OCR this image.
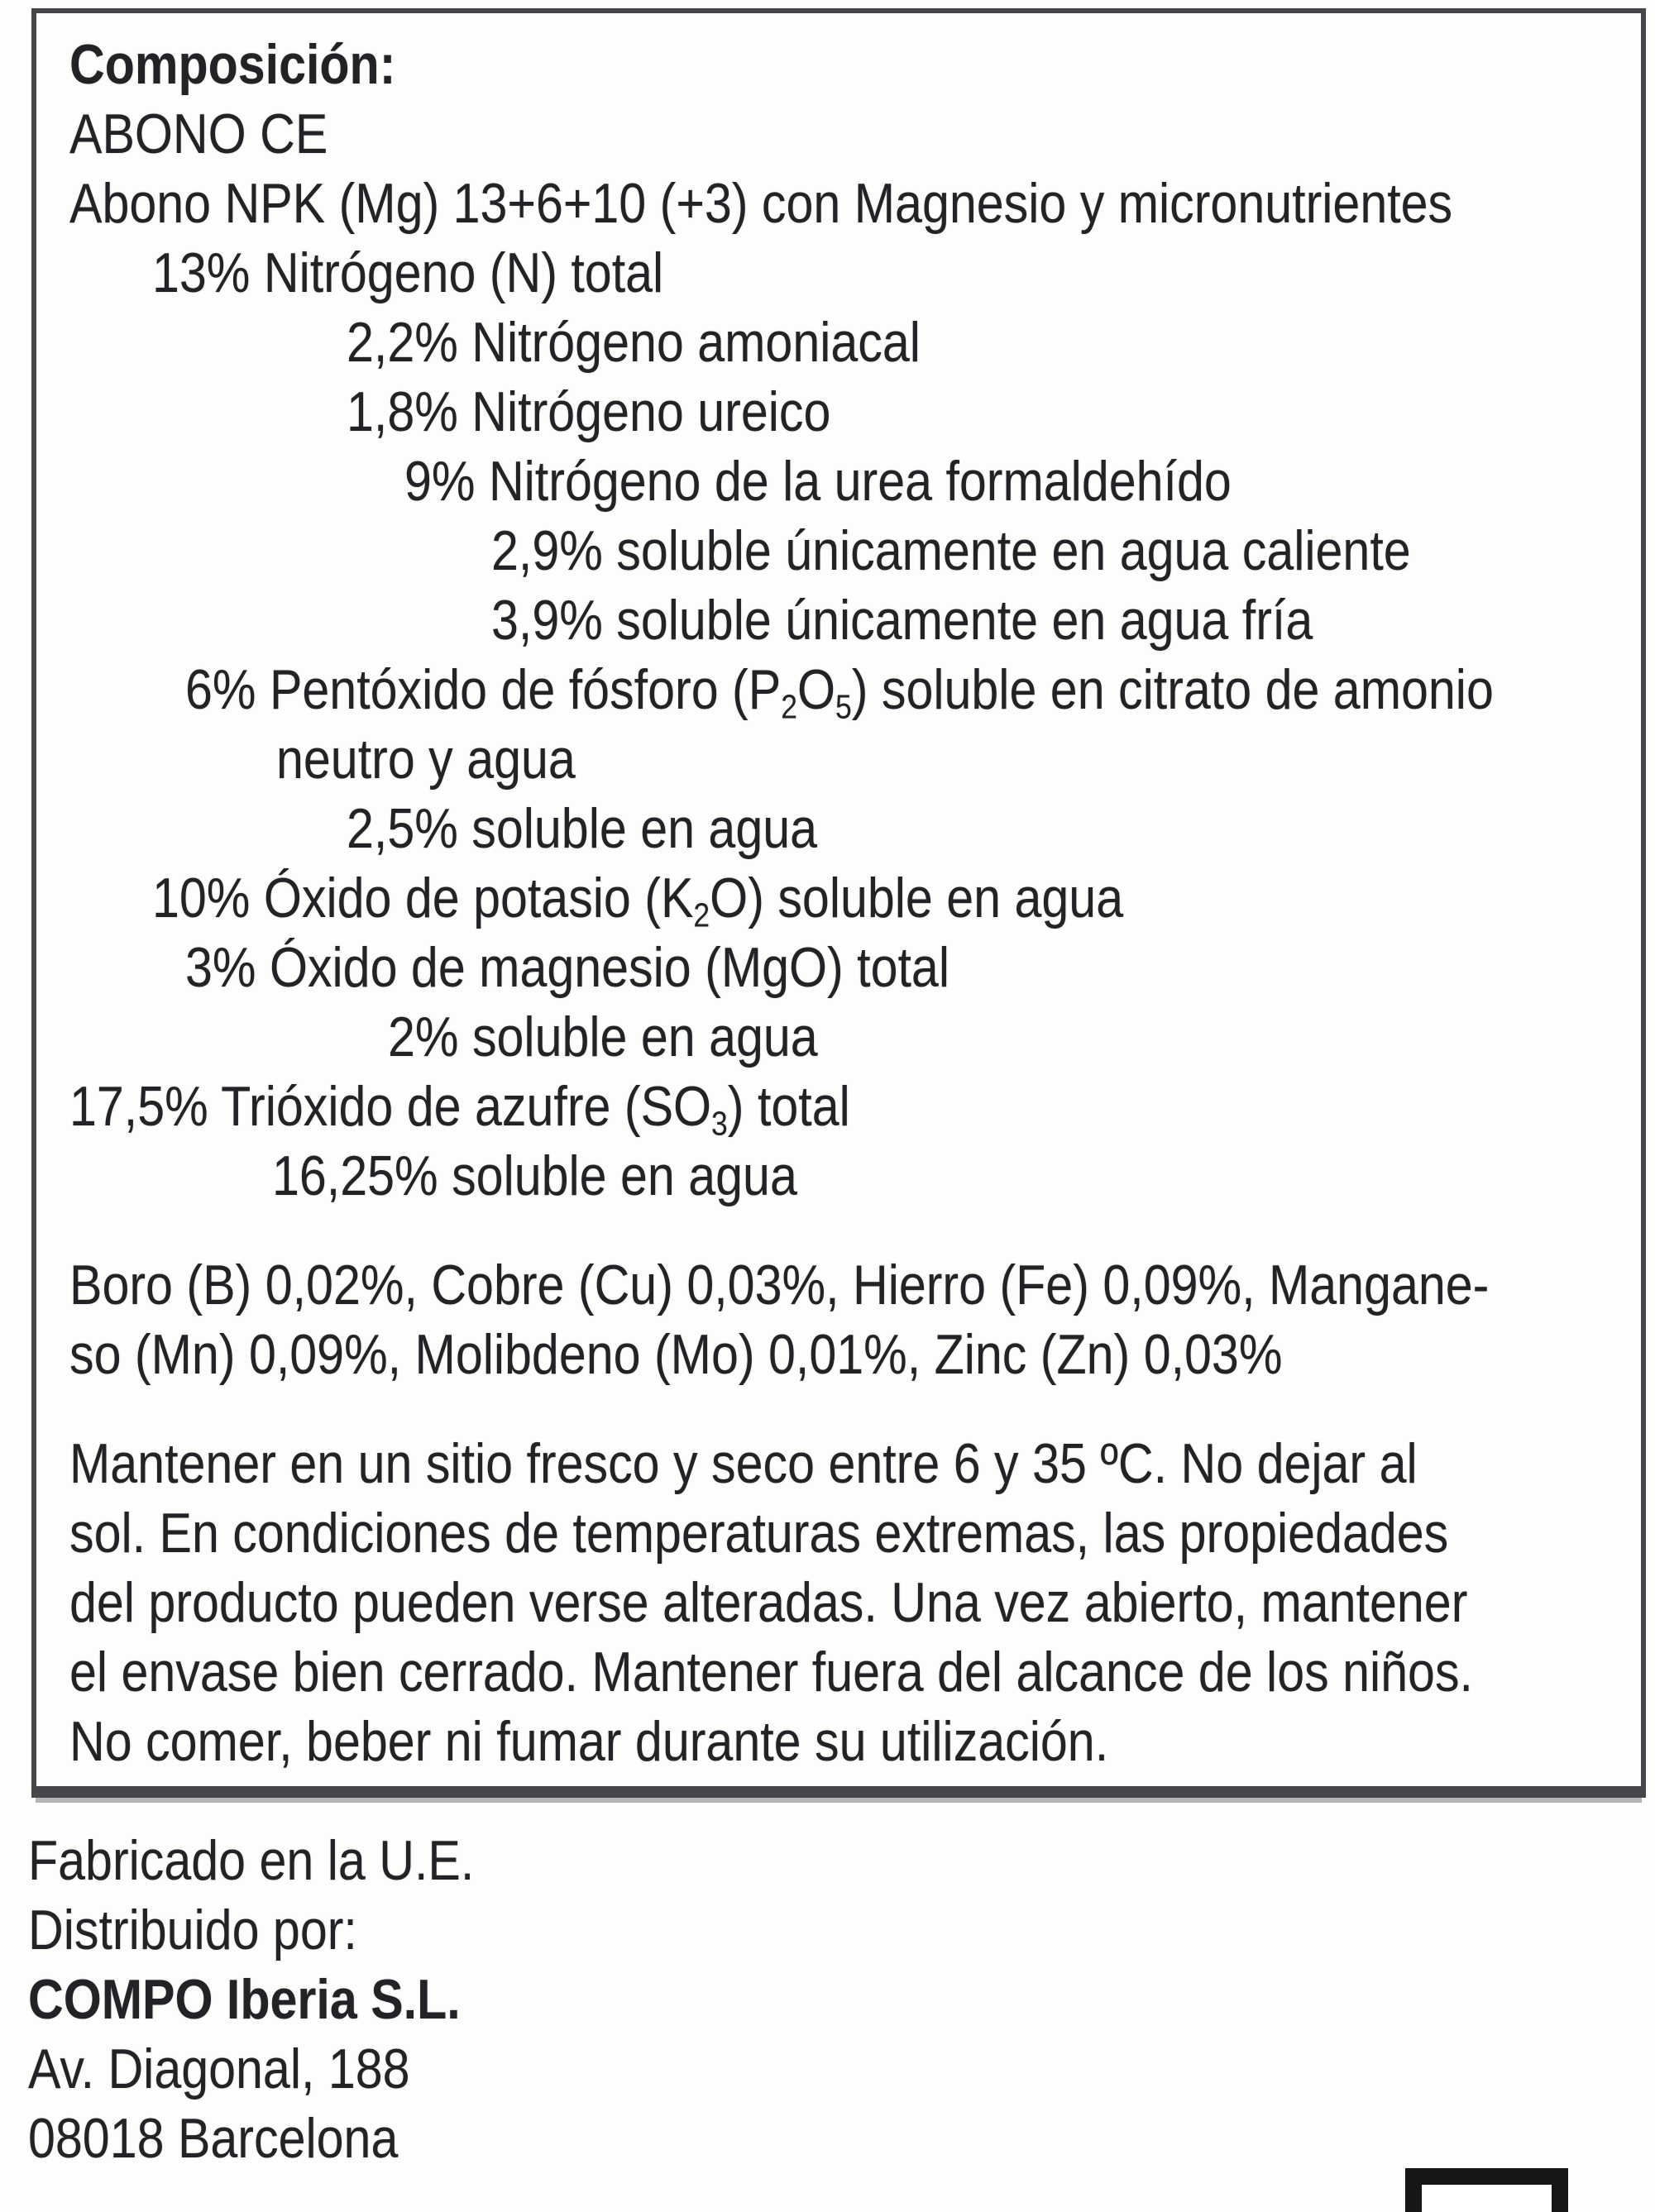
Composición:
ABONO CE
Abono NPK (Mg) 13+6+10 (+3) con Magnesio y micronutrientes
13% Nitrógeno (N) total
2,2% Nitrógeno amoniacal
1,8% Nitrógeno ureico
9% Nitrógeno de la urea formaldehído
2,9% soluble únicamente en agua caliente
3,9% soluble únicamente en agua fría
6% Pentóxido de fósforo $(P_2O_5)$ soluble en citrato de amonio
neutro y agua
2,5% soluble en agua
10% Óxido de potasio $(K_2O)$ soluble en agua
3% Óxido de magnesio (MgO) total
2% soluble en agua
17,5% Trióxido de azufre $(SO_3)$ total
16,25% soluble en agua
Boro (B) 0,02%, Cobre (Cu) 0,03%, Hierro (Fe) 0,09%, Mangane-
so (Mn) 0,09%, Molibdeno (Mo) 0,01%, Zinc (Zn) 0,03%
Mantener en un sitio fresco y seco entre 6 y 35 ºC. No dejar al
sol. En condiciones de temperaturas extremas, las propiedades
del producto pueden verse alteradas. Una vez abierto, mantener
el envase bien cerrado. Mantener fuera del alcance de los niños.
No comer, beber ni fumar durante su utilización.
Fabricado en la U.E.
Distribuido por:
COMPO Iberia S.L.
Av. Diagonal, 188
08018 Barcelona
